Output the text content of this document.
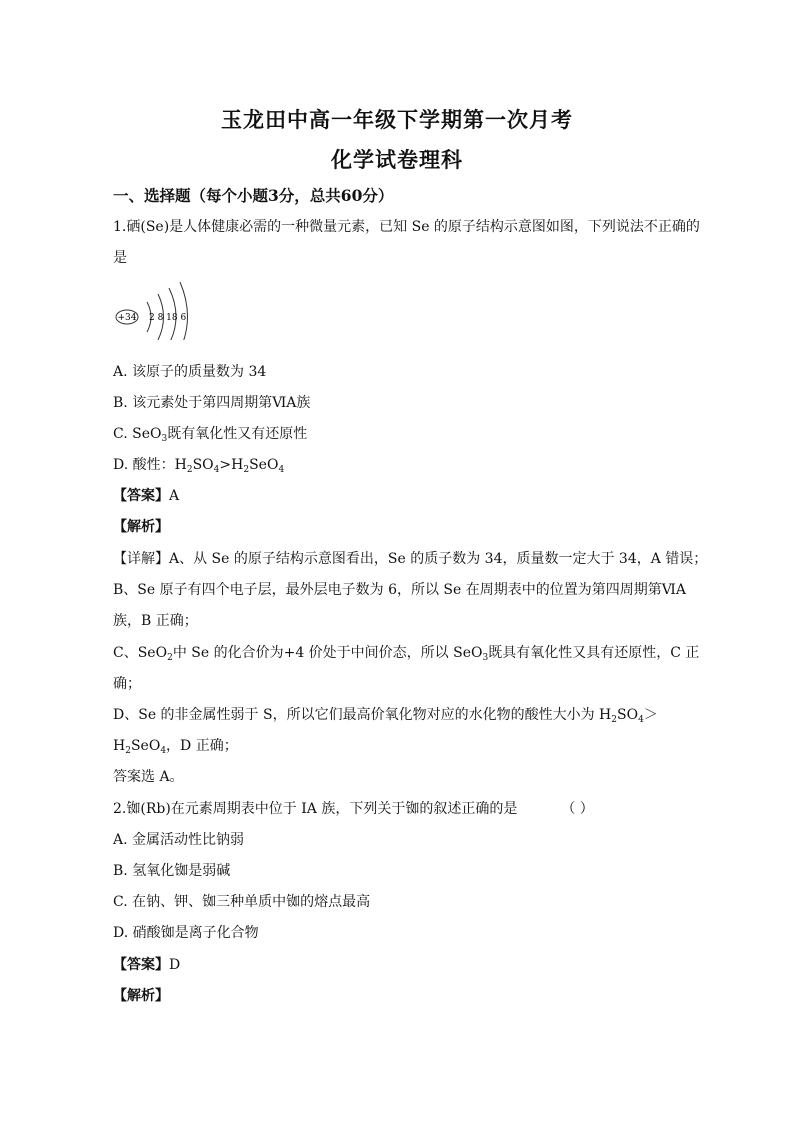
玉龙田中高一年级下学期第一次月考
化学试卷理科
一、选择题（每个小题3分，总共60分）
1.硒(Se)是人体健康必需的一种微量元素，已知 Se 的原子结构示意图如图，下列说法不正确的
是
+34 2 8 18 6
A. 该原子的质量数为 34
B. 该元素处于第四周期第ⅥA族
C. SeO$_3$既有氧化性又有还原性
D. 酸性：$H_2SO_4>H_2SeO_4$
【答案】A
【解析】
【详解】A、从 Se 的原子结构示意图看出，Se 的质子数为 34，质量数一定大于 34，A 错误；
B、Se 原子有四个电子层，最外层电子数为 6，所以 Se 在周期表中的位置为第四周期第ⅥA
族，B 正确；
C、SeO$_2$中 Se 的化合价为+4 价处于中间价态，所以 SeO$_3$既具有氧化性又具有还原性，C 正
确；
D、Se 的非金属性弱于 S，所以它们最高价氧化物对应的水化物的酸性大小为 $H_2SO_4>$
$H_2SeO_4$，D 正确；
答案选 A。
2.铷(Rb)在元素周期表中位于 IA 族，下列关于铷的叙述正确的是	（ ）
A. 金属活动性比钠弱
B. 氢氧化铷是弱碱
C. 在钠、钾、铷三种单质中铷的熔点最高
D. 硝酸铷是离子化合物
【答案】D
【解析】
